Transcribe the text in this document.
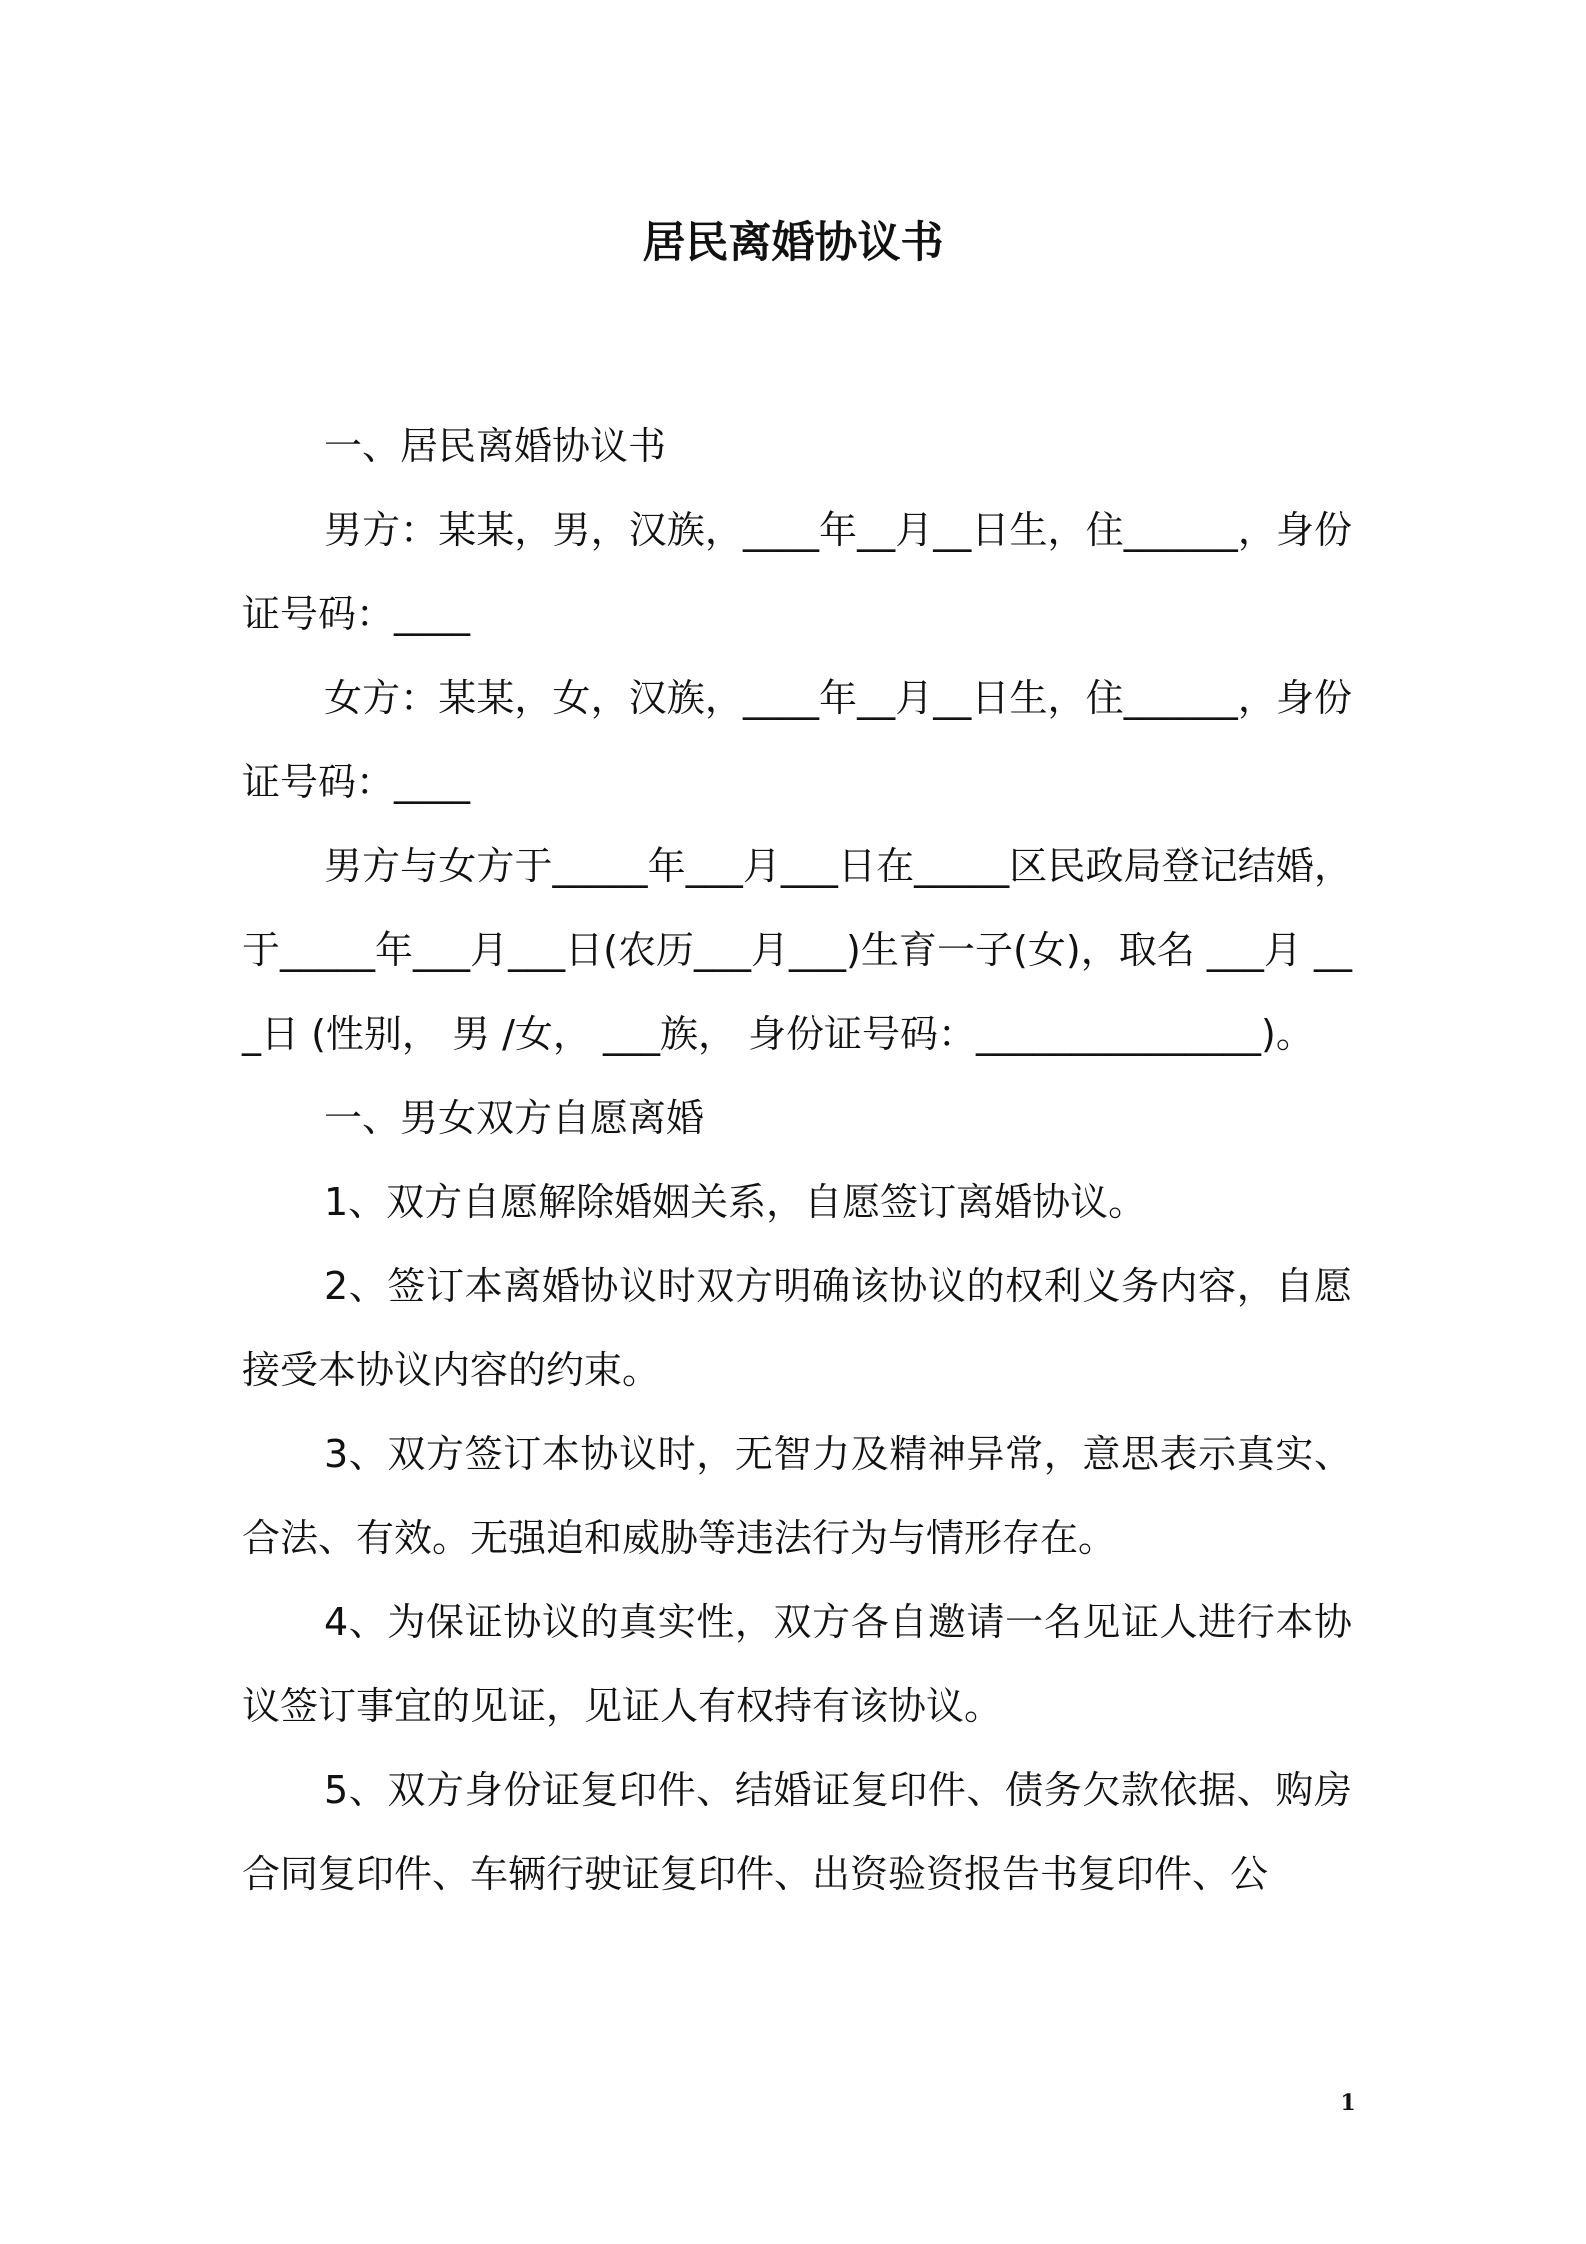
居民离婚协议书

一、居民离婚协议书

男方：某某，男，汉族，____年__月__日生，住______，身份证号码：____

女方：某某，女，汉族，____年__月__日生，住______，身份证号码：____

男方与女方于_____年___月___日在_____区民政局登记结婚，于_____年___月___日(农历___月___)生育一子(女)，取名 ___月 ___日 (性别， 男 /女， ___族， 身份证号码：_______________)。

一、男女双方自愿离婚

1、双方自愿解除婚姻关系，自愿签订离婚协议。

2、签订本离婚协议时双方明确该协议的权利义务内容，自愿接受本协议内容的约束。

3、双方签订本协议时，无智力及精神异常，意思表示真实、合法、有效。无强迫和威胁等违法行为与情形存在。

4、为保证协议的真实性，双方各自邀请一名见证人进行本协议签订事宜的见证，见证人有权持有该协议。

5、双方身份证复印件、结婚证复印件、债务欠款依据、购房合同复印件、车辆行驶证复印件、出资验资报告书复印件、公

1
